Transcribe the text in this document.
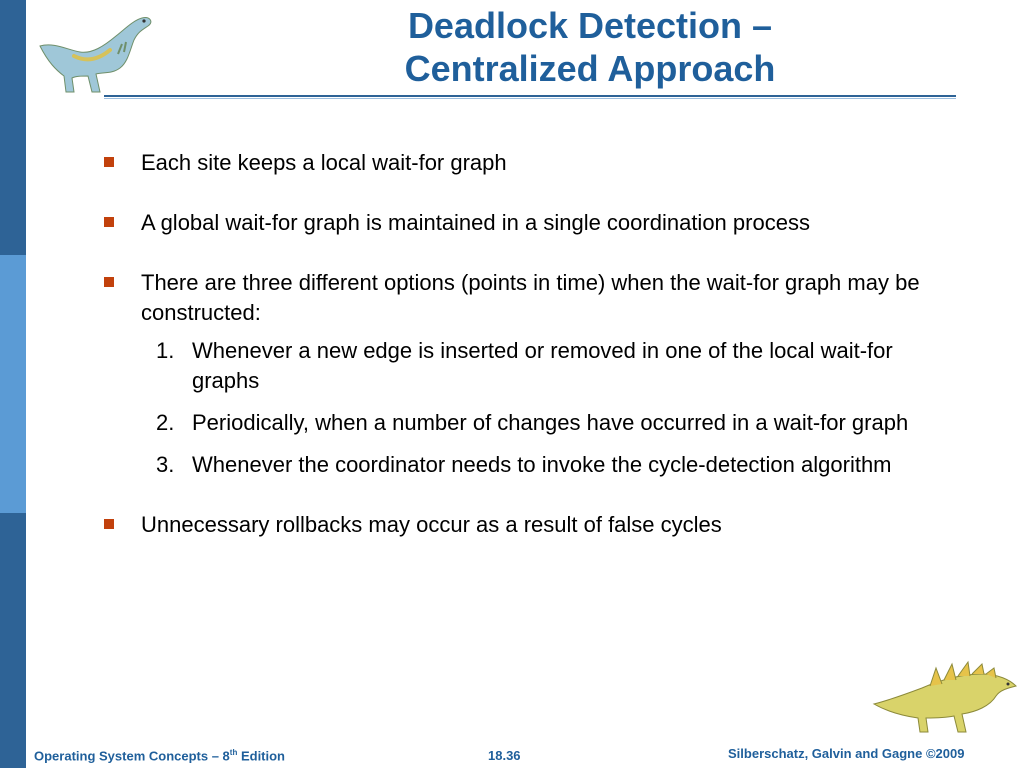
Deadlock Detection –
Centralized Approach
Each site keeps a local wait-for graph
A global wait-for graph is maintained in a single coordination process
There are three different options (points in time) when the wait-for graph may be constructed:
1. Whenever a new edge is inserted or removed in one of the local wait-for graphs
2. Periodically, when a number of changes have occurred in a wait-for graph
3. Whenever the coordinator needs to invoke the cycle-detection algorithm
Unnecessary rollbacks may occur as a result of false cycles
Operating System Concepts – 8th Edition	18.36	Silberschatz, Galvin and Gagne ©2009
